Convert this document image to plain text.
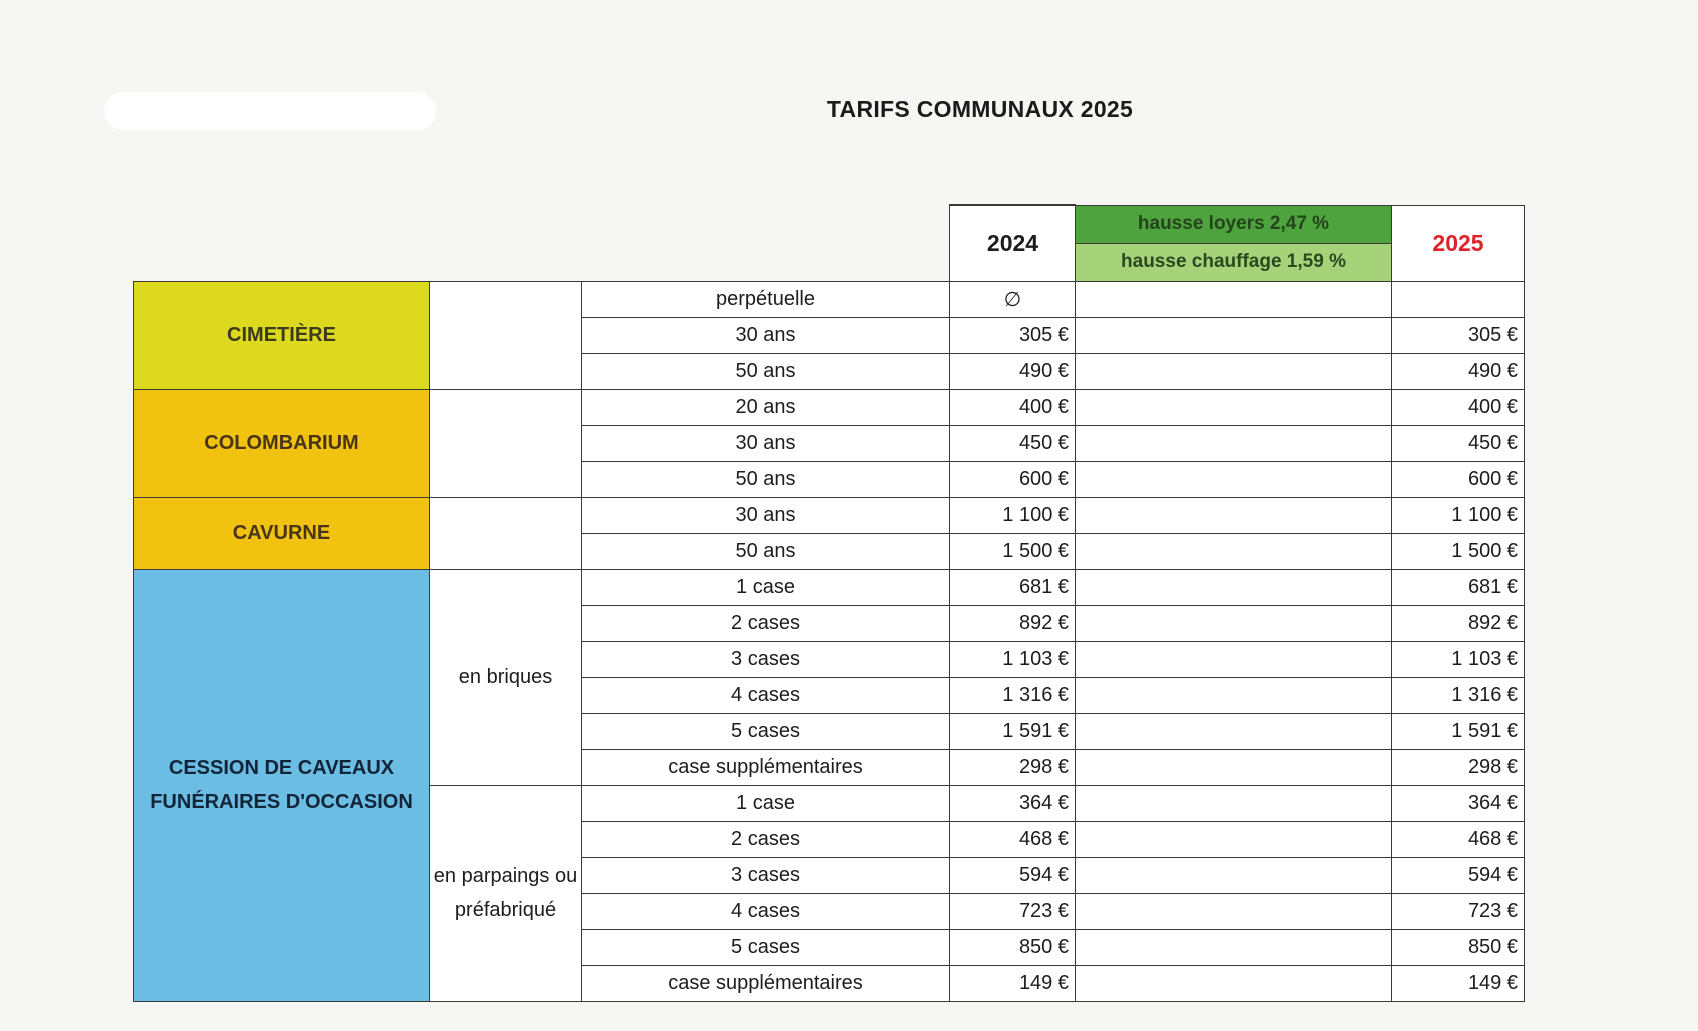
TARIFS COMMUNAUX 2025
			2024	hausse loyers 2,47 %	2025
				hausse chauffage 1,59 %	
CIMETIÈRE		perpétuelle	∅		
		30 ans	305 €		305 €
		50 ans	490 €		490 €
COLOMBARIUM		20 ans	400 €		400 €
		30 ans	450 €		450 €
		50 ans	600 €		600 €
CAVURNE		30 ans	1 100 €		1 100 €
		50 ans	1 500 €		1 500 €
CESSION DE CAVEAUX FUNÉRAIRES D'OCCASION	en briques	1 case	681 €		681 €
		2 cases	892 €		892 €
		3 cases	1 103 €		1 103 €
		4 cases	1 316 €		1 316 €
		5 cases	1 591 €		1 591 €
		case supplémentaires	298 €		298 €
	en parpaings ou préfabriqué	1 case	364 €		364 €
		2 cases	468 €		468 €
		3 cases	594 €		594 €
		4 cases	723 €		723 €
		5 cases	850 €		850 €
		case supplémentaires	149 €		149 €
